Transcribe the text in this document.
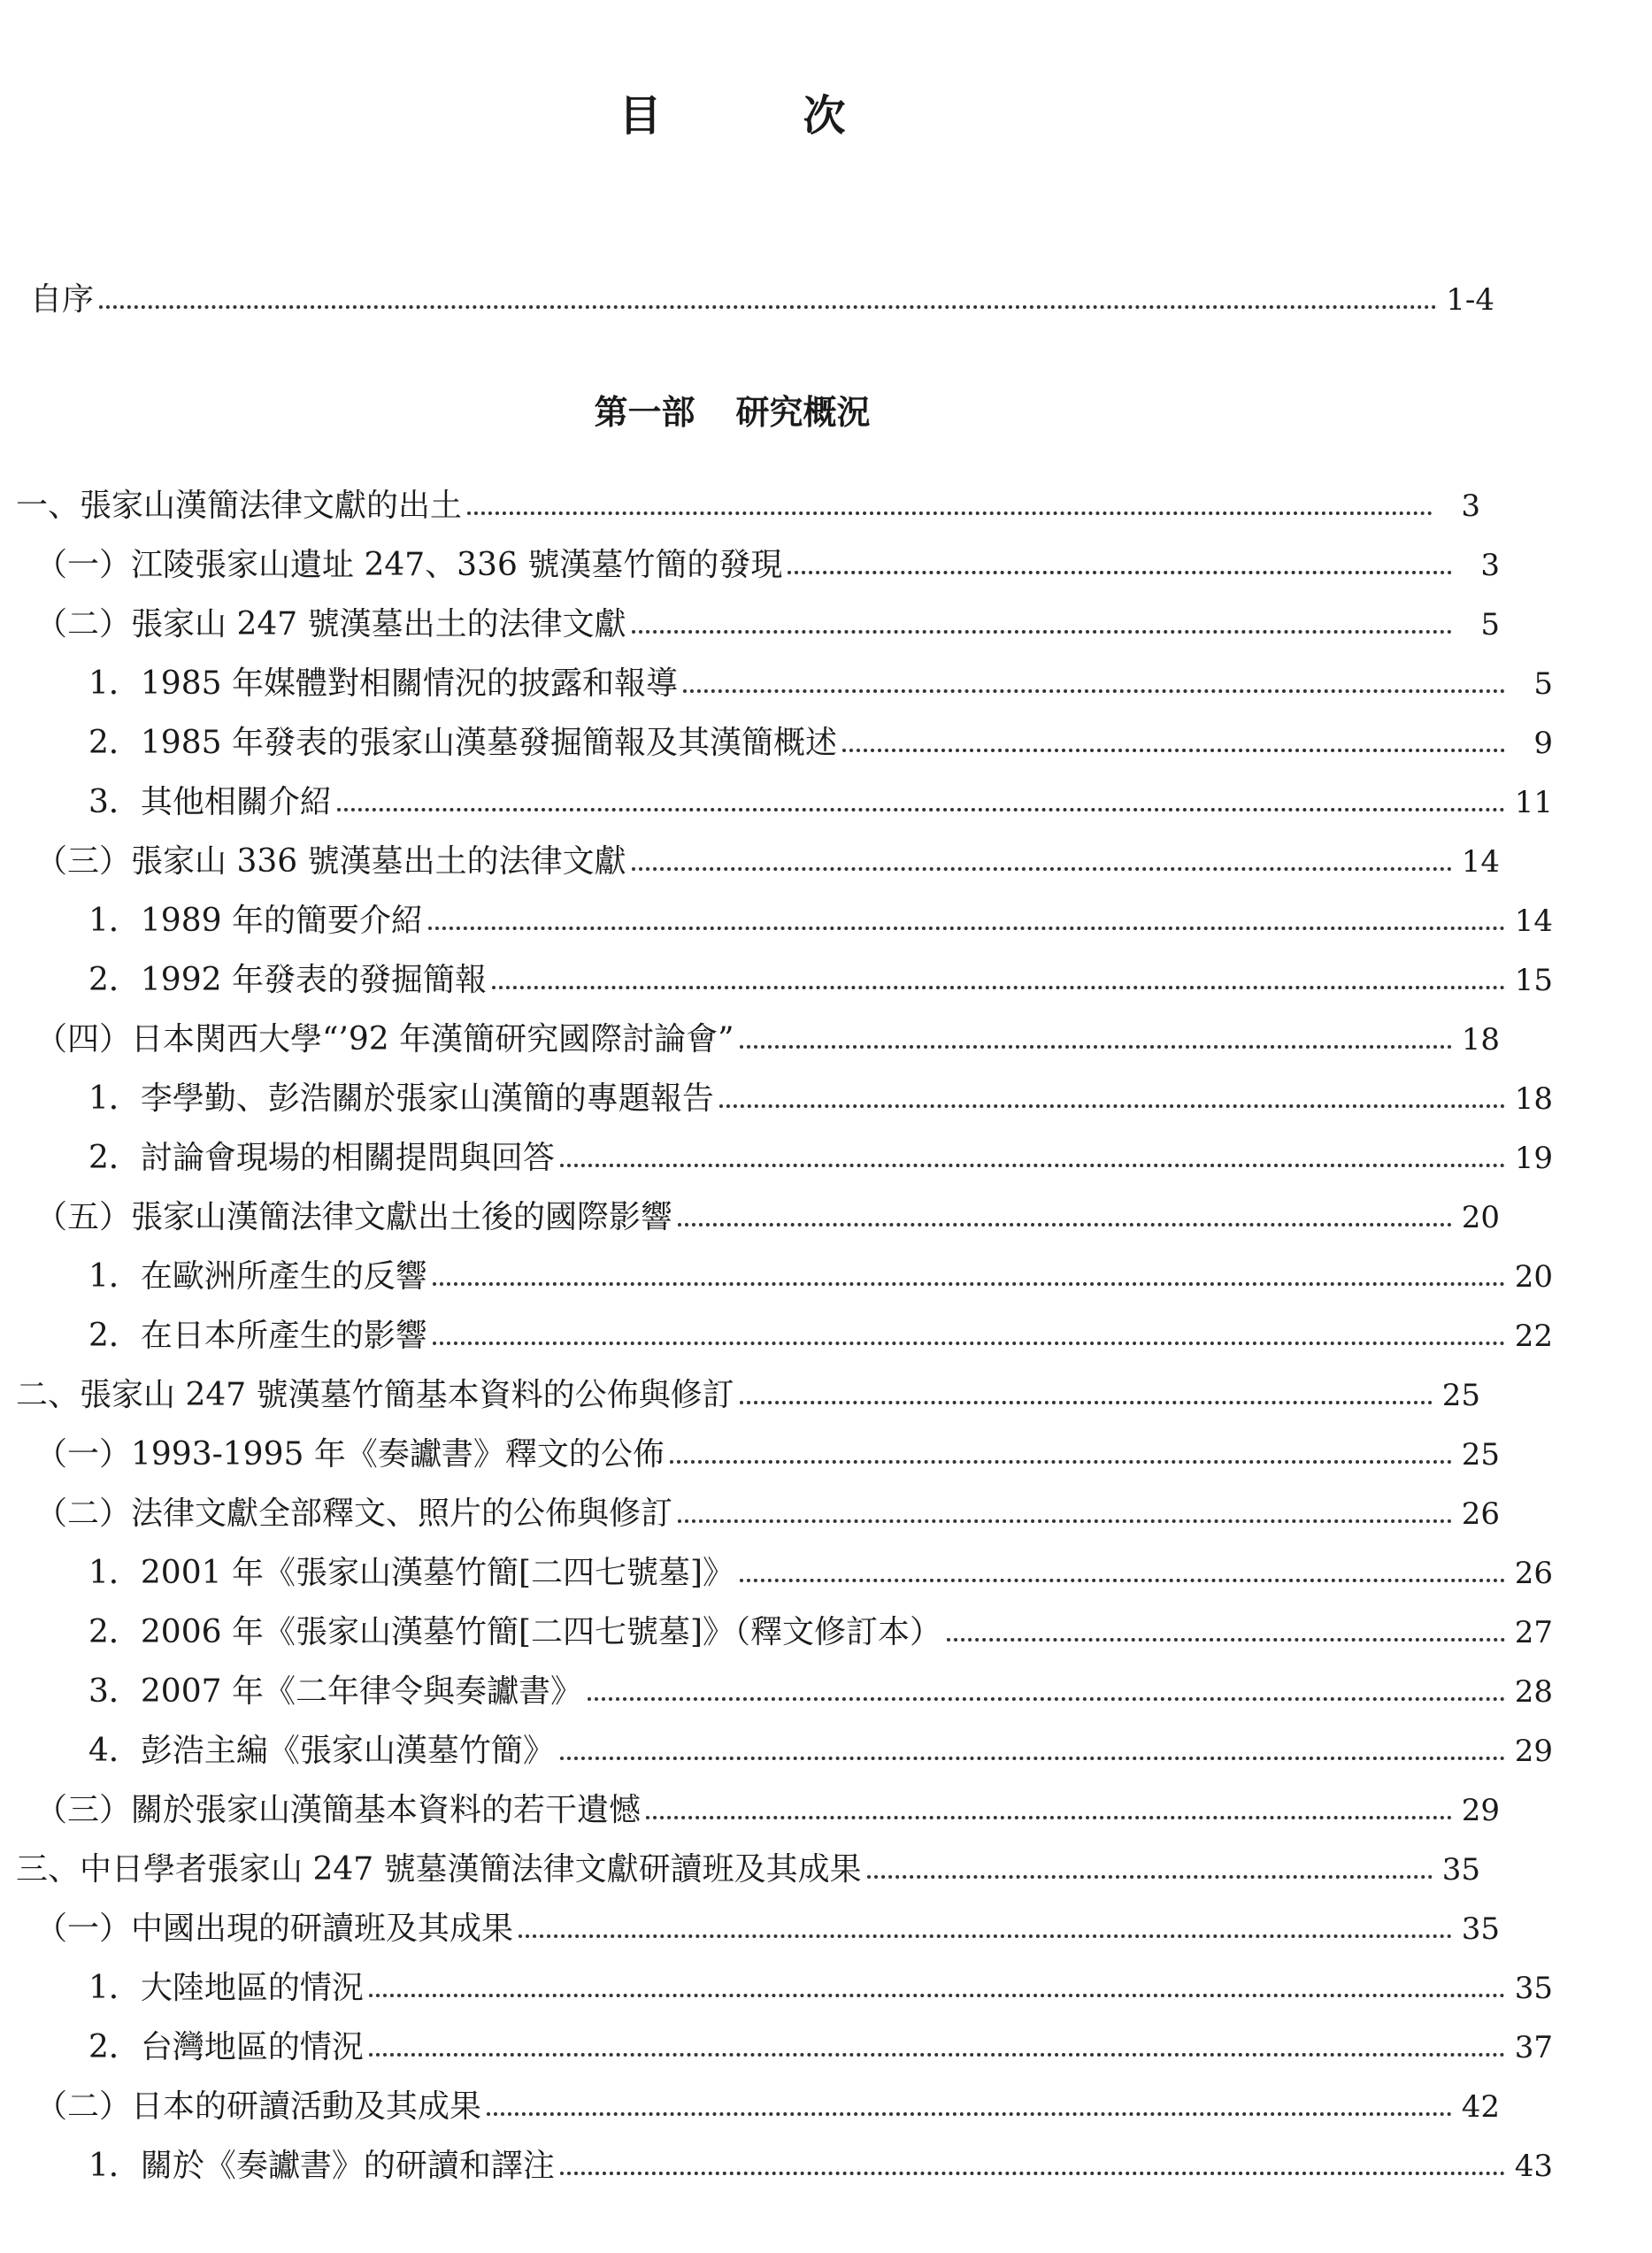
目　次
自序	1-4
第一部 研究概況
一、張家山漢簡法律文獻的出土	3
（一）江陵張家山遺址 247、336 號漢墓竹簡的發現	3
（二）張家山 247 號漢墓出土的法律文獻	5
1．1985 年媒體對相關情況的披露和報導	5
2．1985 年發表的張家山漢墓發掘簡報及其漢簡概述	9
3．其他相關介紹	11
（三）張家山 336 號漢墓出土的法律文獻	14
1．1989 年的簡要介紹	14
2．1992 年發表的發掘簡報	15
（四）日本関西大學“’92 年漢簡研究國際討論會”	18
1．李學勤、彭浩關於張家山漢簡的專題報告	18
2．討論會現場的相關提問與回答	19
（五）張家山漢簡法律文獻出土後的國際影響	20
1．在歐洲所產生的反響	20
2．在日本所產生的影響	22
二、張家山 247 號漢墓竹簡基本資料的公佈與修訂	25
（一）1993-1995 年《奏讞書》釋文的公佈	25
（二）法律文獻全部釋文、照片的公佈與修訂	26
1．2001 年《張家山漢墓竹簡[二四七號墓]》	26
2．2006 年《張家山漢墓竹簡[二四七號墓]》（釋文修訂本）	27
3．2007 年《二年律令與奏讞書》	28
4．彭浩主編《張家山漢墓竹簡》	29
（三）關於張家山漢簡基本資料的若干遺憾	29
三、中日學者張家山 247 號墓漢簡法律文獻研讀班及其成果	35
（一）中國出現的研讀班及其成果	35
1．大陸地區的情況	35
2．台灣地區的情況	37
（二）日本的研讀活動及其成果	42
1．關於《奏讞書》的研讀和譯注	43
